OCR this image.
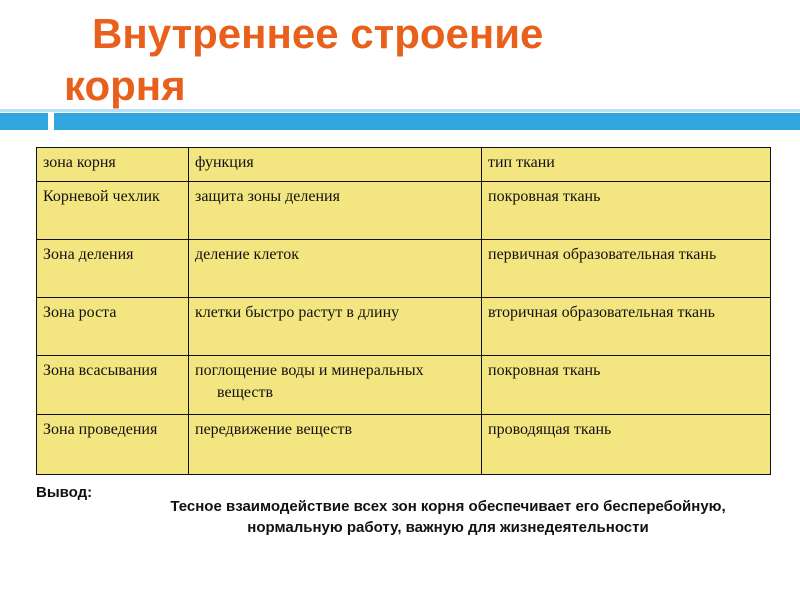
Внутреннее строение
корня
зона корня	функция	тип ткани
Корневой чехлик	защита зоны деления	покровная ткань
Зона деления	деление клеток	первичная образовательная ткань
Зона роста	клетки быстро растут в длину	вторичная образовательная ткань
Зона всасывания	поглощение воды и минеральных веществ	покровная ткань
Зона проведения	передвижение веществ	проводящая ткань
Вывод:
Тесное взаимодействие всех зон корня обеспечивает его бесперебойную, нормальную работу, важную для жизнедеятельности
